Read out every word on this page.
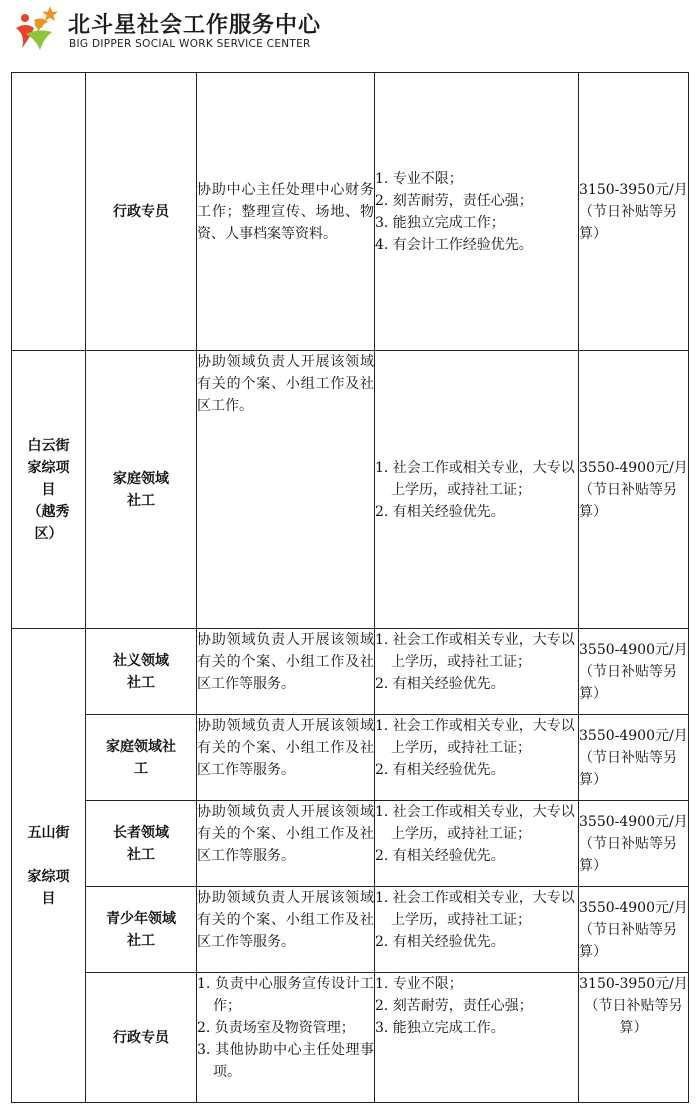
北斗星社会工作服务中心
BIG DIPPER SOCIAL WORK SERVICE CENTER
	行政专员	协助中心主任处理中心财务工作；整理宣传、场地、物资、人事档案等资料。	1. 专业不限；
2. 刻苦耐劳，责任心强；
3. 能独立完成工作；
4. 有会计工作经验优先。	3150-3950元/月（节日补贴等另算）

白云街
家综项
目
（越秀
区）	家庭领域
社工	协助领域负责人开展该领域有关的个案、小组工作及社区工作。	1. 社会工作或相关专业，大专以上学历，或持社工证；
2. 有相关经验优先。	3550-4900元/月（节日补贴等另算）

五山街
家综项
目	社义领域
社工	协助领域负责人开展该领域有关的个案、小组工作及社区工作等服务。	1. 社会工作或相关专业，大专以上学历，或持社工证；
2. 有相关经验优先。	3550-4900元/月（节日补贴等另算）

	家庭领域社
工	协助领域负责人开展该领域有关的个案、小组工作及社区工作等服务。	1. 社会工作或相关专业，大专以上学历，或持社工证；
2. 有相关经验优先。	3550-4900元/月（节日补贴等另算）

	长者领域
社工	协助领域负责人开展该领域有关的个案、小组工作及社区工作等服务。	1. 社会工作或相关专业，大专以上学历，或持社工证；
2. 有相关经验优先。	3550-4900元/月（节日补贴等另算）

	青少年领域
社工	协助领域负责人开展该领域有关的个案、小组工作及社区工作等服务。	1. 社会工作或相关专业，大专以上学历，或持社工证；
2. 有相关经验优先。	3550-4900元/月（节日补贴等另算）
	行政专员	1. 负责中心服务宣传设计工作；
2. 负责场室及物资管理；
3. 其他协助中心主任处理事项。	1. 专业不限；
2. 刻苦耐劳，责任心强；
3. 能独立完成工作。	3150-3950元/月（节日补贴等另算）
